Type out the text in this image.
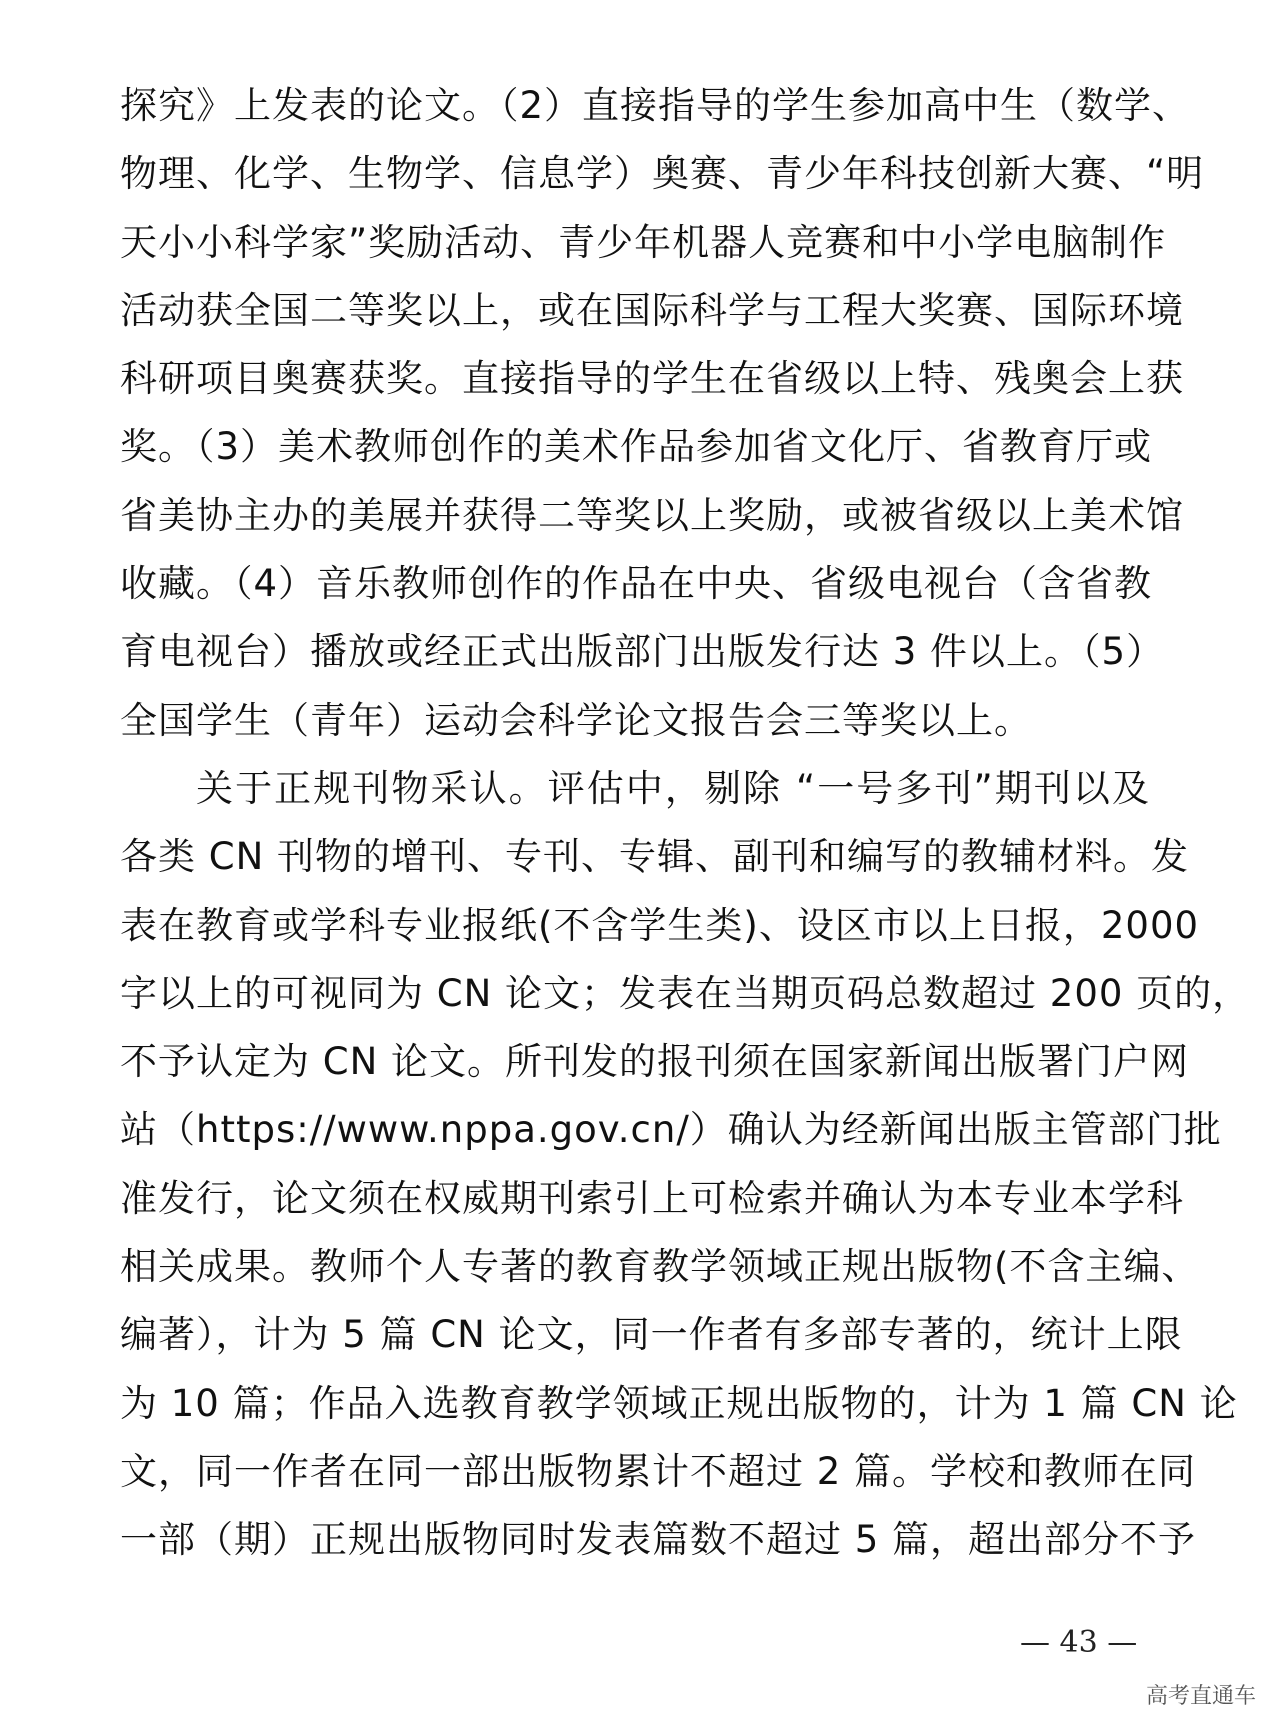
探究》上发表的论文。（2）直接指导的学生参加高中生（数学、
物理、化学、生物学、信息学）奥赛、青少年科技创新大赛、“明
天小小科学家”奖励活动、青少年机器人竞赛和中小学电脑制作
活动获全国二等奖以上，或在国际科学与工程大奖赛、国际环境
科研项目奥赛获奖。直接指导的学生在省级以上特、残奥会上获
奖。（3）美术教师创作的美术作品参加省文化厅、省教育厅或
省美协主办的美展并获得二等奖以上奖励，或被省级以上美术馆
收藏。（4）音乐教师创作的作品在中央、省级电视台（含省教
育电视台）播放或经正式出版部门出版发行达 3 件以上。（5）
全国学生（青年）运动会科学论文报告会三等奖以上。
关于正规刊物采认。评估中，剔除 “一号多刊”期刊以及
各类 CN 刊物的增刊、专刊、专辑、副刊和编写的教辅材料。发
表在教育或学科专业报纸(不含学生类)、设区市以上日报，2000
字以上的可视同为 CN 论文；发表在当期页码总数超过 200 页的，
不予认定为 CN 论文。所刊发的报刊须在国家新闻出版署门户网
站（https://www.nppa.gov.cn/）确认为经新闻出版主管部门批
准发行，论文须在权威期刊索引上可检索并确认为本专业本学科
相关成果。教师个人专著的教育教学领域正规出版物(不含主编、
编著），计为 5 篇 CN 论文，同一作者有多部专著的，统计上限
为 10 篇；作品入选教育教学领域正规出版物的，计为 1 篇 CN 论
文，同一作者在同一部出版物累计不超过 2 篇。学校和教师在同
一部（期）正规出版物同时发表篇数不超过 5 篇，超出部分不予
— 43 —
高考直通车
